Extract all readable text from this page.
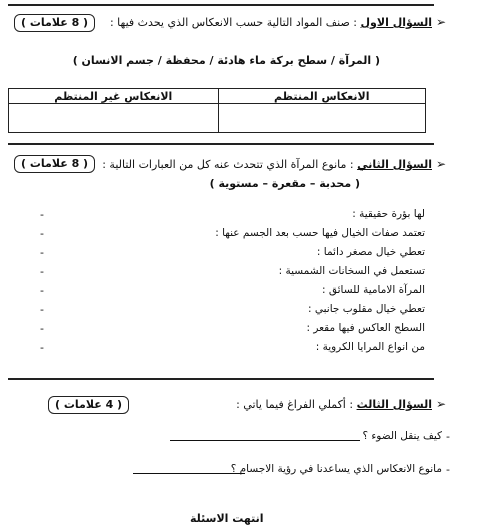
➢
السؤال الاول : صنف المواد التالية حسب الانعكاس الذي يحدث فيها :
( 8 علامات )
( المرآة / سطح بركة ماء هادئة / محفظة / جسم الانسان )
الانعكاس غير المنتظم	الانعكاس المنتظم

➢
السؤال الثاني : مانوع المرآة الذي تتحدث عنه كل من العبارات التالية :
( 8 علامات )
( محدبة – مقعرة – مستوية )
لها بؤرة حقيقية :
-
تعتمد صفات الخيال فيها حسب بعد الجسم عنها :
-
تعطي خيال مصغر دائما :
-
تستعمل في السخانات الشمسية :
-
المرآة الامامية للسائق :
-
تعطي خيال مقلوب جانبي :
-
السطح العاكس فيها مقعر :
-
من انواع المرايا الكروية :
-
➢
السؤال الثالث : أكملي الفراغ فيما ياتي :
( 4 علامات )
كيف ينقل الضوء ؟ -
مانوع الانعكاس الذي يساعدنا في رؤية الاجسام ؟ -
انتهت الاسئلة
